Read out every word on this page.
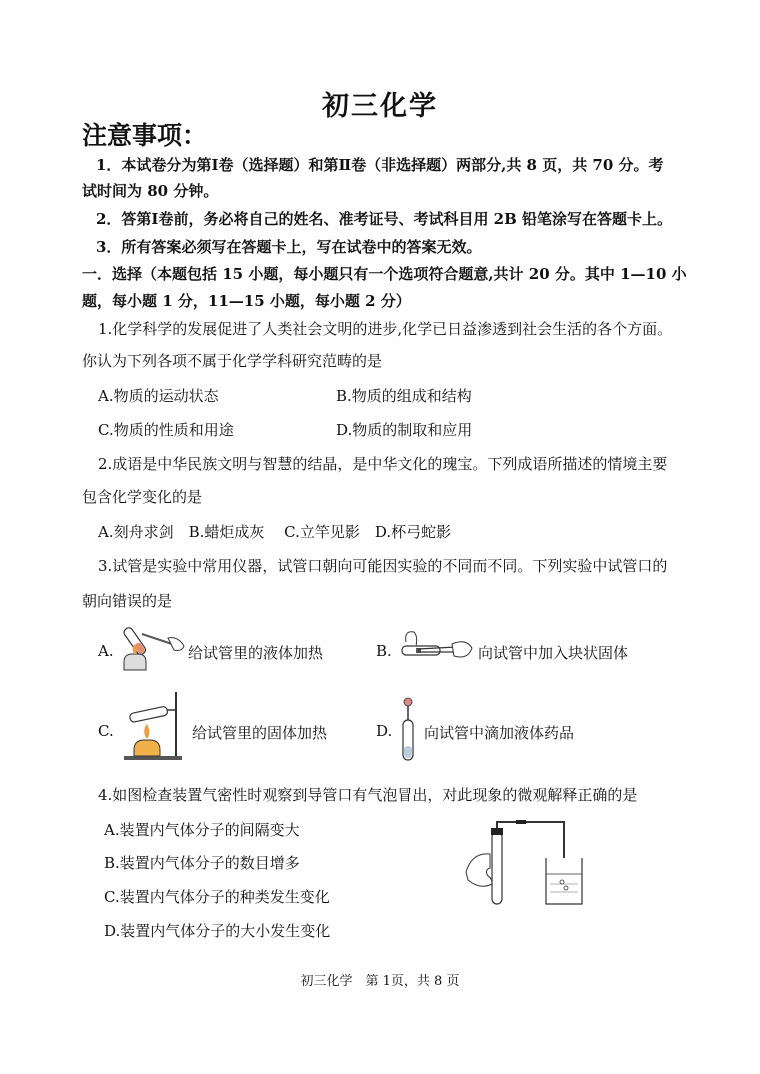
初三化学
注意事项：
1．本试卷分为第Ⅰ卷（选择题）和第Ⅱ卷（非选择题）两部分,共 8 页，共 70 分。考
试时间为 80 分钟。
2．答第Ⅰ卷前，务必将自己的姓名、准考证号、考试科目用 2B 铅笔涂写在答题卡上。
3．所有答案必须写在答题卡上，写在试卷中的答案无效。
一．选择（本题包括 15 小题，每小题只有一个选项符合题意,共计 20 分。其中 1—10 小
题，每小题 1 分，11—15 小题，每小题 2 分）
1.化学科学的发展促进了人类社会文明的进步,化学已日益渗透到社会生活的各个方面。
你认为下列各项不属于化学学科研究范畴的是
A.物质的运动状态	B.物质的组成和结构
C.物质的性质和用途	D.物质的制取和应用
2.成语是中华民族文明与智慧的结晶，是中华文化的瑰宝。下列成语所描述的情境主要
包含化学变化的是
A.刻舟求剑　B.蜡炬成灰　 C.立竿见影　D.杯弓蛇影
3.试管是实验中常用仪器，试管口朝向可能因实验的不同而不同。下列实验中试管口的
朝向错误的是
A.	给试管里的液体加热	B.	向试管中加入块状固体
C.	给试管里的固体加热	D. 向试管中滴加液体药品
4.如图检查装置气密性时观察到导管口有气泡冒出，对此现象的微观解释正确的是
A.装置内气体分子的间隔变大
B.装置内气体分子的数目增多
C.装置内气体分子的种类发生变化
D.装置内气体分子的大小发生变化
初三化学　第 1页，共 8 页
